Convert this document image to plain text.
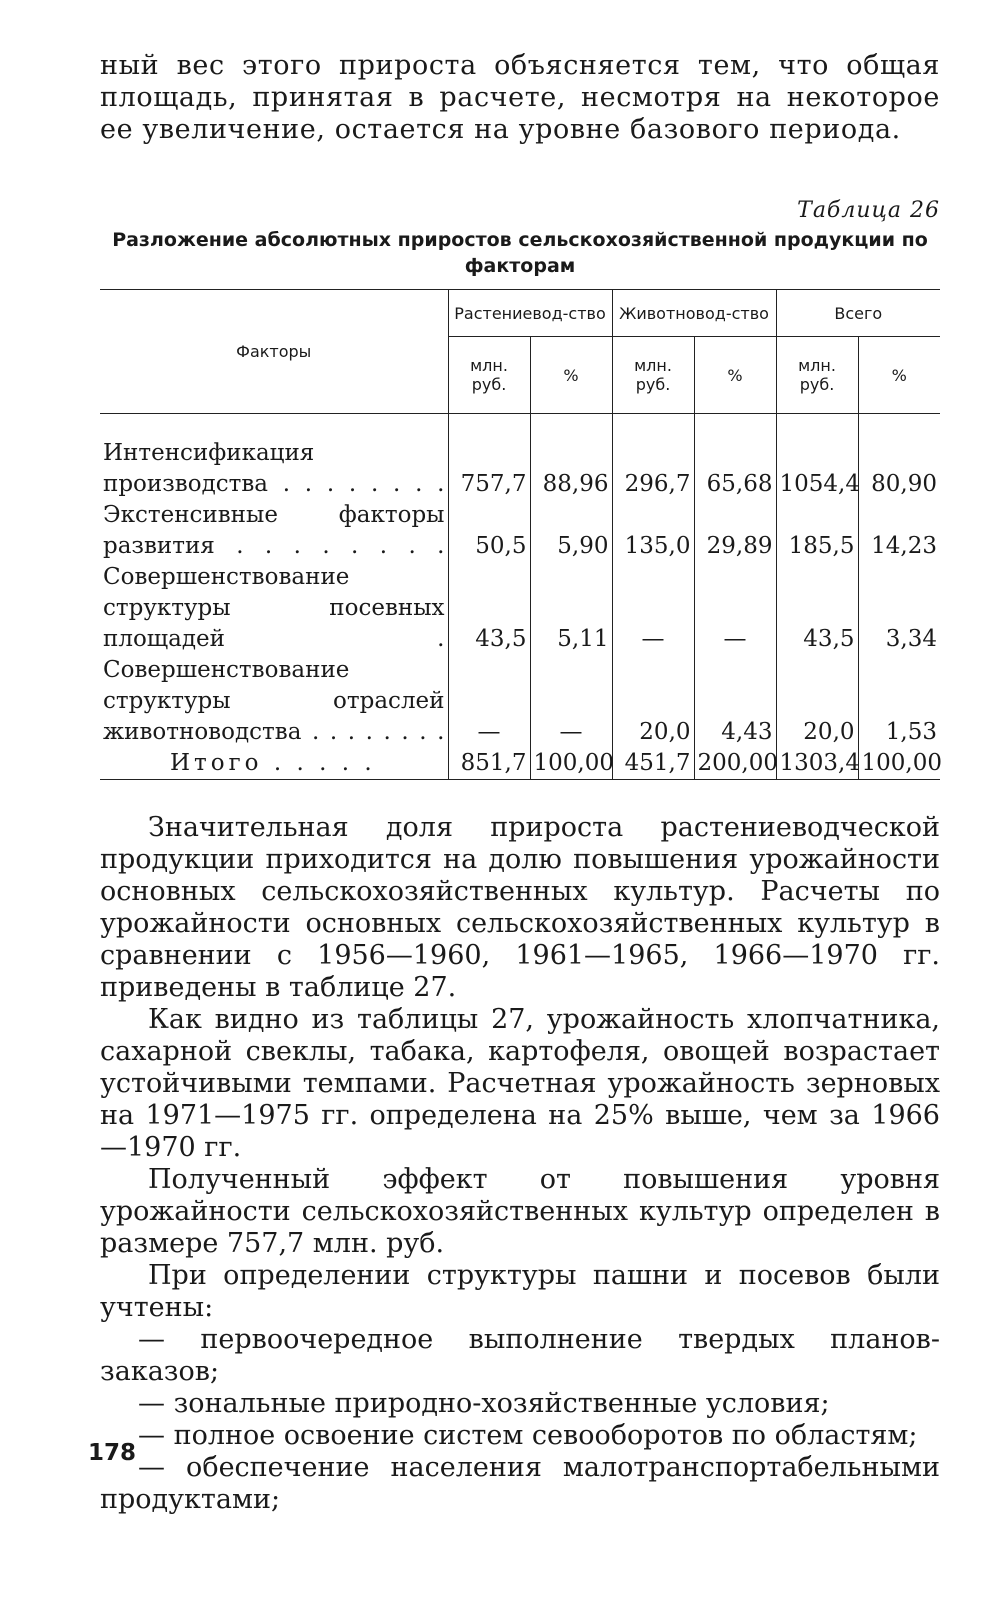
ный вес этого прироста объясняется тем, что общая площадь, принятая в расчете, несмотря на некоторое ее увеличение, остается на уровне базового периода.

Таблица 26
Разложение абсолютных приростов сельскохозяйственной продукции по факторам
Факторы	Растениевод-ство		Животновод-ство		Всего	
	млн. руб.	%	млн. руб.	%	млн. руб.	%
Интенсификация производства . . . . . . . .	757,7	88,96	296,7	65,68	1054,4	80,90
Экстенсивные факторы развития . . . . . . . .	50,5	5,90	135,0	29,89	185,5	14,23
Совершенствование структуры посевных площадей .	43,5	5,11	—	—	43,5	3,34
Совершенствование структуры отраслей животноводства . . . . . . . .	—	—	20,0	4,43	20,0	1,53
Итого . . . . .	851,7	100,00	451,7	200,00	1303,4	100,00

Значительная доля прироста растениеводческой продукции приходится на долю повышения урожайности основных сельскохозяйственных культур. Расчеты по урожайности основных сельскохозяйственных культур в сравнении с 1956—1960, 1961—1965, 1966—1970 гг. приведены в таблице 27.

Как видно из таблицы 27, урожайность хлопчатника, сахарной свеклы, табака, картофеля, овощей возрастает устойчивыми темпами. Расчетная урожайность зерновых на 1971—1975 гг. определена на 25% выше, чем за 1966—1970 гг.

Полученный эффект от повышения уровня урожайности сельскохозяйственных культур определен в размере 757,7 млн. руб.

При определении структуры пашни и посевов были учтены:

— первоочередное выполнение твердых планов-заказов;
— зональные природно-хозяйственные условия;
— полное освоение систем севооборотов по областям;
— обеспечение населения малотранспортабельными продуктами;
178
